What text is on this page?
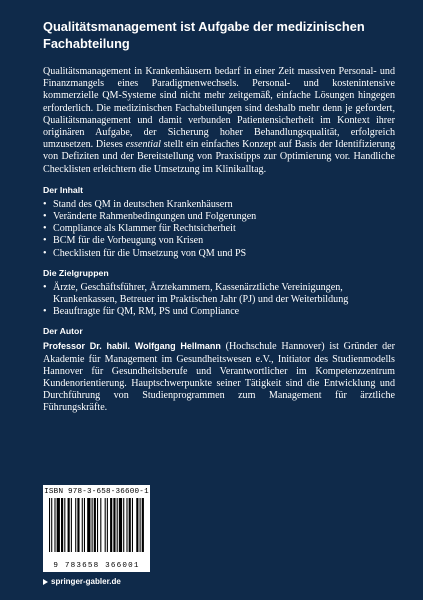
Qualitätsmanagement ist Aufgabe der medizinischen Fachabteilung

Qualitätsmanagement in Krankenhäusern bedarf in einer Zeit massiven Personal- und Finanzmangels eines Paradigmenwechsels. Personal- und kostenintensive kommerzielle QM-Systeme sind nicht mehr zeitgemäß, einfache Lösungen hingegen erforderlich. Die medizinischen Fachabteilungen sind deshalb mehr denn je gefordert, Qualitätsmanagement und damit verbunden Patientensicherheit im Kontext ihrer originären Aufgabe, der Sicherung hoher Behandlungsqualität, erfolgreich umzusetzen. Dieses essential stellt ein einfaches Konzept auf Basis der Identifizierung von Defiziten und der Bereitstellung von Praxistipps zur Optimierung vor. Handliche Checklisten erleichtern die Umsetzung im Klinikalltag.

Der Inhalt
• Stand des QM in deutschen Krankenhäusern
• Veränderte Rahmenbedingungen und Folgerungen
• Compliance als Klammer für Rechtsicherheit
• BCM für die Vorbeugung von Krisen
• Checklisten für die Umsetzung von QM und PS
Die Zielgruppen
• Ärzte, Geschäftsführer, Ärztekammern, Kassenärztliche Vereinigungen, Krankenkassen, Betreuer im Praktischen Jahr (PJ) und der Weiterbildung
• Beauftragte für QM, RM, PS und Compliance
Der Autor

Professor Dr. habil. Wolfgang Hellmann (Hochschule Hannover) ist Gründer der Akademie für Management im Gesundheitswesen e.V., Initiator des Studienmodells Hannover für Gesundheitsberufe und Verantwortlicher im Kompetenzzentrum Kundenorientierung. Hauptschwerpunkte seiner Tätigkeit sind die Entwicklung und Durchführung von Studienprogrammen zum Management für ärztliche Führungskräfte.

ISBN 978-3-658-36600-1
9 783658 366001
springer-gabler.de
